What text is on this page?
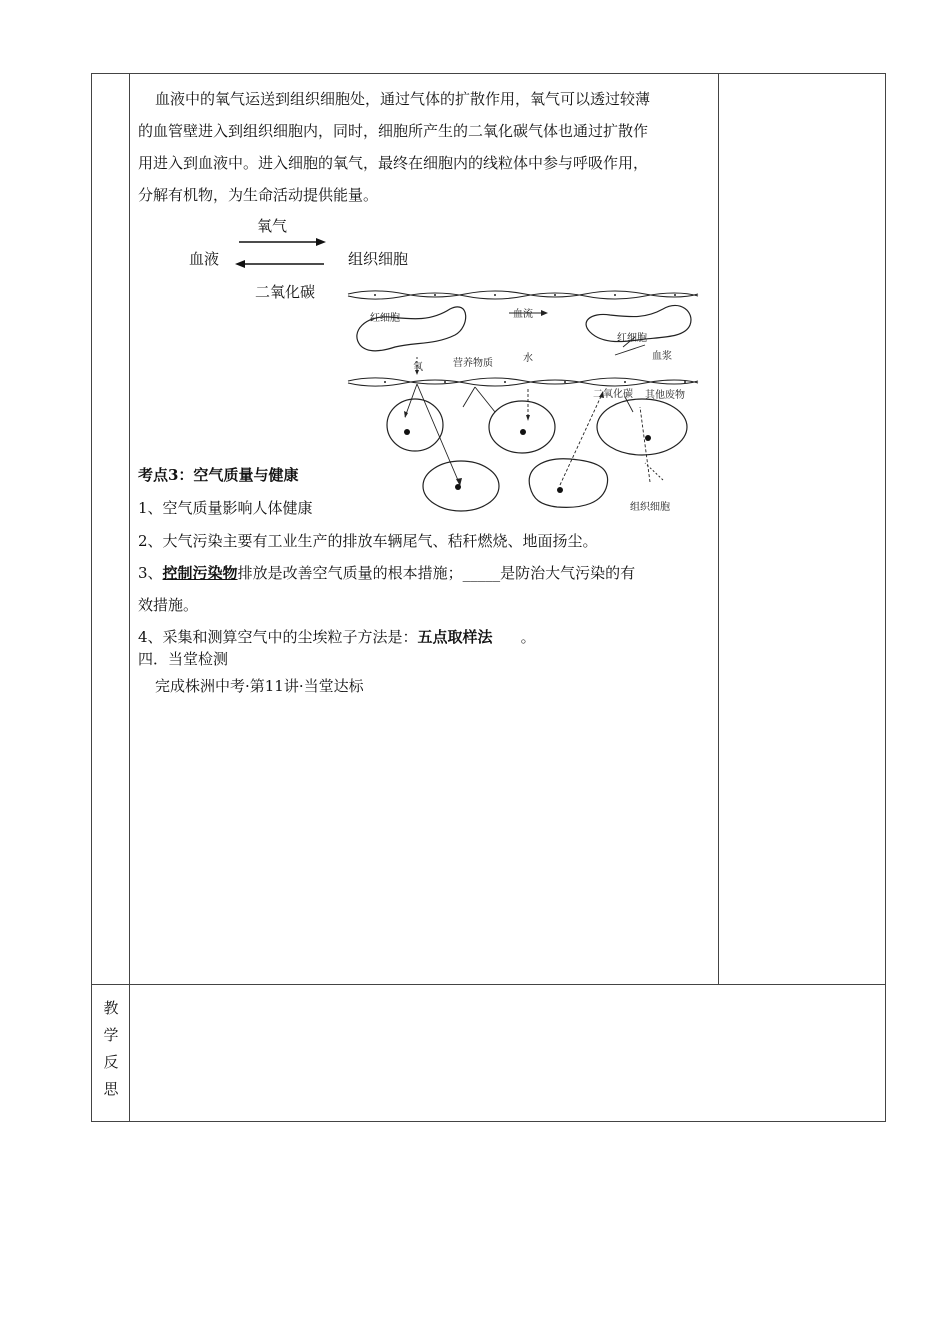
血液中的氧气运送到组织细胞处，通过气体的扩散作用，氧气可以透过较薄
的血管壁进入到组织细胞内，同时，细胞所产生的二氧化碳气体也通过扩散作
用进入到血液中。进入细胞的氧气，最终在细胞内的线粒体中参与呼吸作用，
分解有机物，为生命活动提供能量。
氧气
血液	组织细胞
二氧化碳
红细胞	血流
红细胞
血浆
氧	营养物质	水
二氧化碳 其他废物
组织细胞
考点3：空气质量与健康
1、空气质量影响人体健康
2、大气污染主要有工业生产的排放车辆尾气、秸秆燃烧、地面扬尘。
3、控制污染物排放是改善空气质量的根本措施；_____是防治大气污染的有
效措施。
4、采集和测算空气中的尘埃粒子方法是：五点取样法 。
四．当堂检测
完成株洲中考·第11讲·当堂达标
教
学
反
思
